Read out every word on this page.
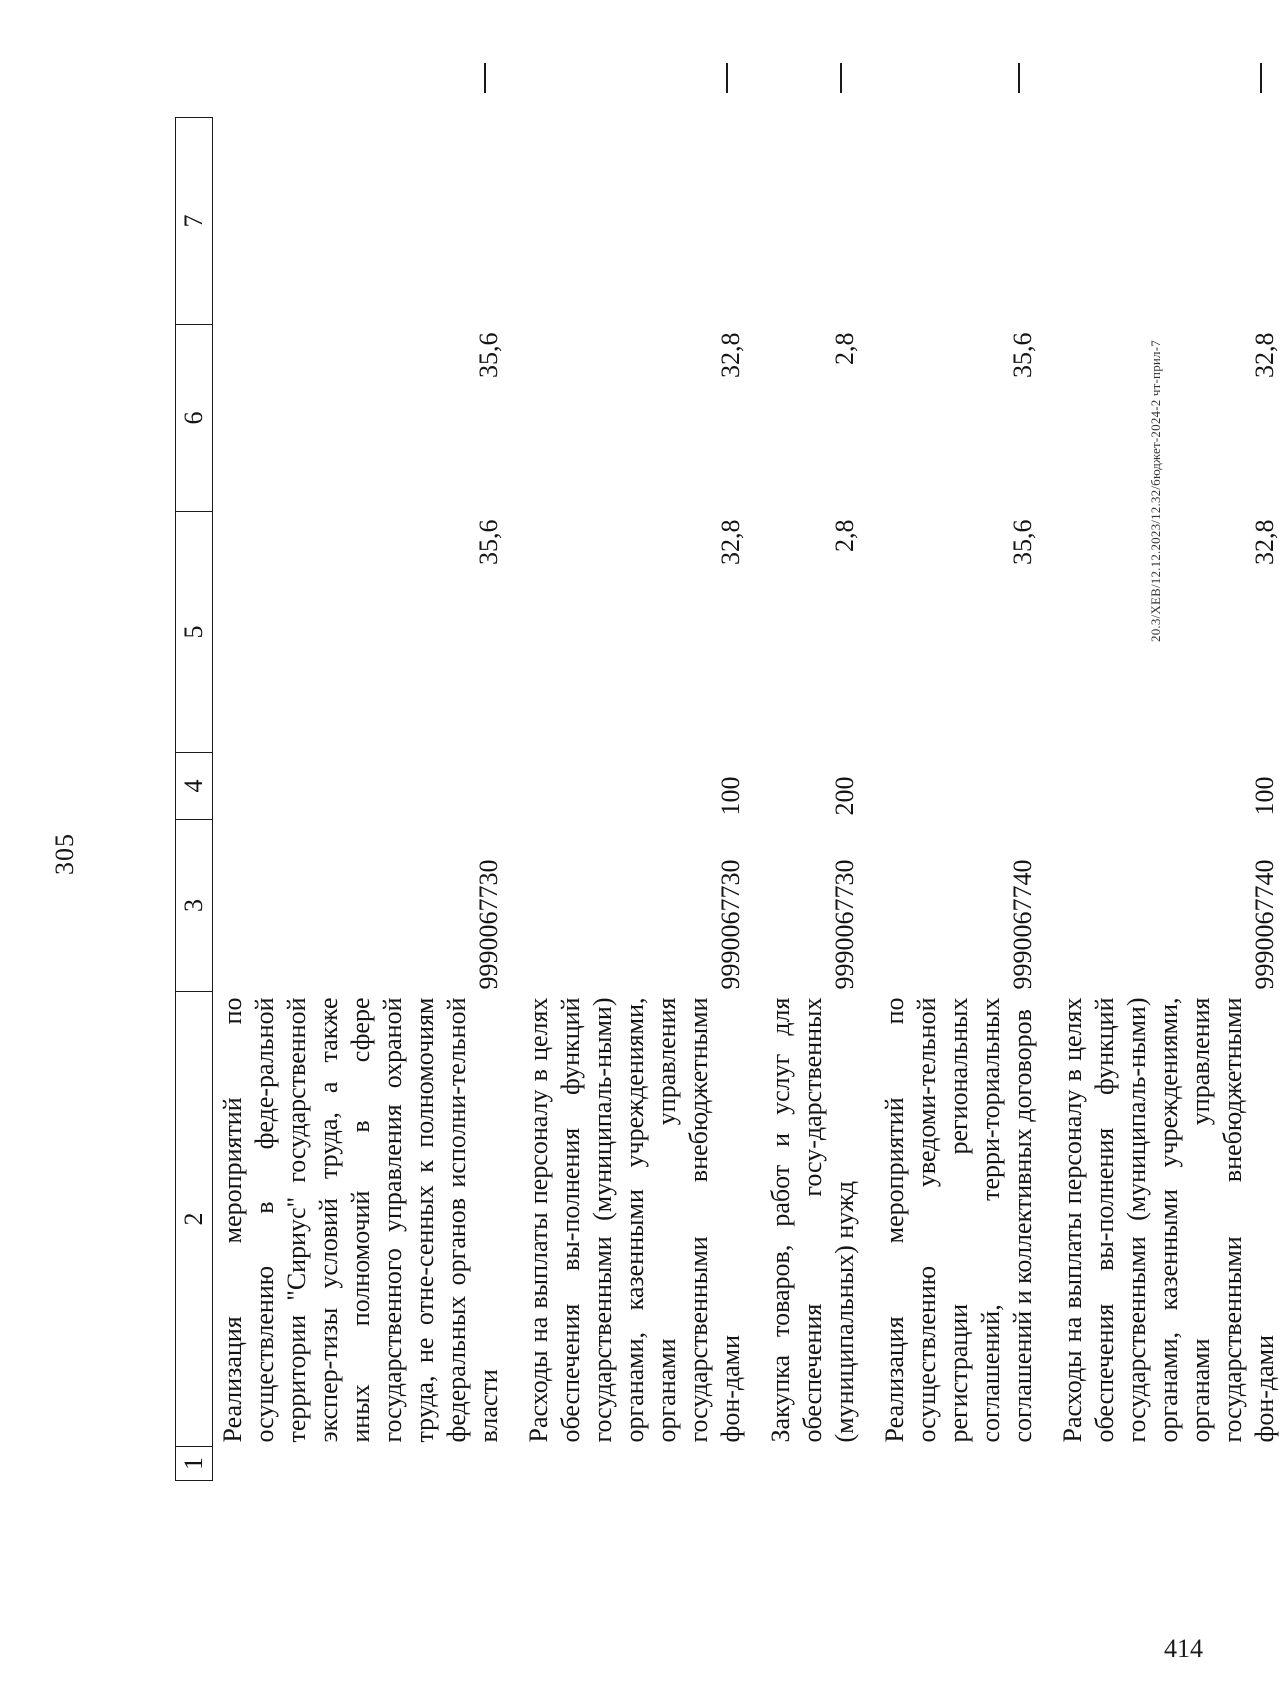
305
1	2	3	4	5	6	7
	Реализация мероприятий по осуществлению в феде-ральной территории "Сириус" государственной экспер-тизы условий труда, а также иных полномочий в сфере государственного управления охраной труда, не отне-сенных к полномочиям федеральных органов исполни-тельной власти	9990067730		35,6	35,6	
	Расходы на выплаты персоналу в целях обеспечения вы-полнения функций государственными (муниципаль-ными) органами, казенными учреждениями, органами управления государственными внебюджетными фон-дами	9990067730	100	32,8	32,8	
	Закупка товаров, работ и услуг для обеспечения госу-дарственных (муниципальных) нужд	9990067730	200	2,8	2,8	
	Реализация мероприятий по осуществлению уведоми-тельной регистрации региональных соглашений, терри-ториальных соглашений и коллективных договоров	9990067740		35,6	35,6	
	Расходы на выплаты персоналу в целях обеспечения вы-полнения функций государственными (муниципаль-ными) органами, казенными учреждениями, органами управления государственными внебюджетными фон-дами	9990067740	100	32,8	32,8	
20.3/ХЕВ/12.12.2023/12.32/бюджет-2024-2 чт-прил-7
414
